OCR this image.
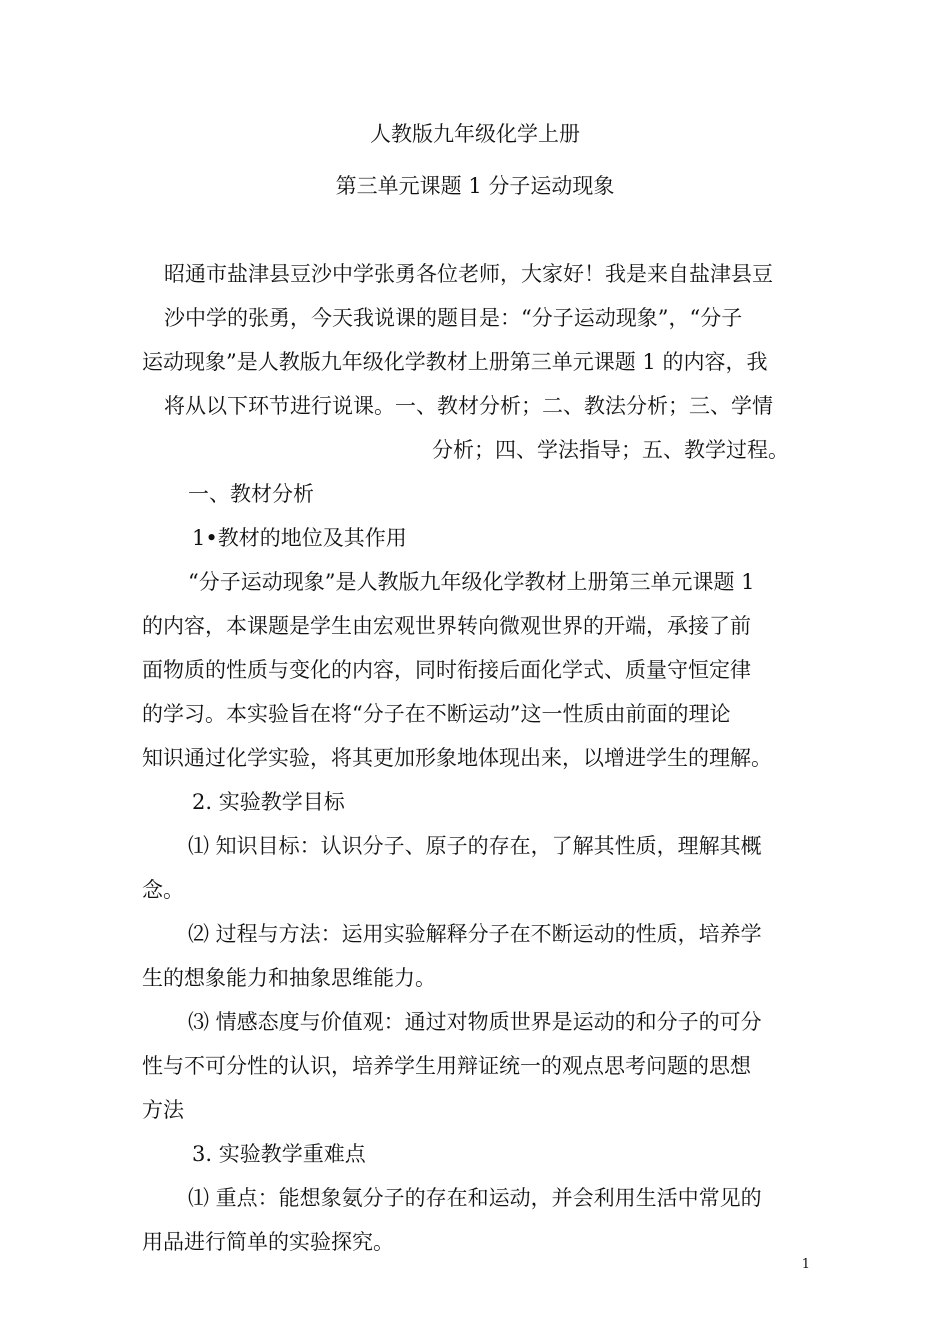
人教版九年级化学上册

第三单元课题 1 分子运动现象

昭通市盐津县豆沙中学张勇各位老师，大家好！我是来自盐津县豆

沙中学的张勇，今天我说课的题目是：“分子运动现象”，“分子

运动现象”是人教版九年级化学教材上册第三单元课题 1 的内容，我

将从以下环节进行说课。一、教材分析；二、教法分析；三、学情

分析；四、学法指导；五、教学过程。

一、教材分析

1•教材的地位及其作用

“分子运动现象”是人教版九年级化学教材上册第三单元课题 1

的内容，本课题是学生由宏观世界转向微观世界的开端，承接了前

面物质的性质与变化的内容，同时衔接后面化学式、质量守恒定律

的学习。本实验旨在将“分子在不断运动”这一性质由前面的理论

知识通过化学实验，将其更加形象地体现出来，以增进学生的理解。

2. 实验教学目标

⑴ 知识目标：认识分子、原子的存在，了解其性质，理解其概

念。

⑵ 过程与方法：运用实验解释分子在不断运动的性质，培养学

生的想象能力和抽象思维能力。

⑶ 情感态度与价值观：通过对物质世界是运动的和分子的可分

性与不可分性的认识，培养学生用辩证统一的观点思考问题的思想

方法

3. 实验教学重难点

⑴ 重点：能想象氨分子的存在和运动，并会利用生活中常见的

用品进行简单的实验探究。

1
